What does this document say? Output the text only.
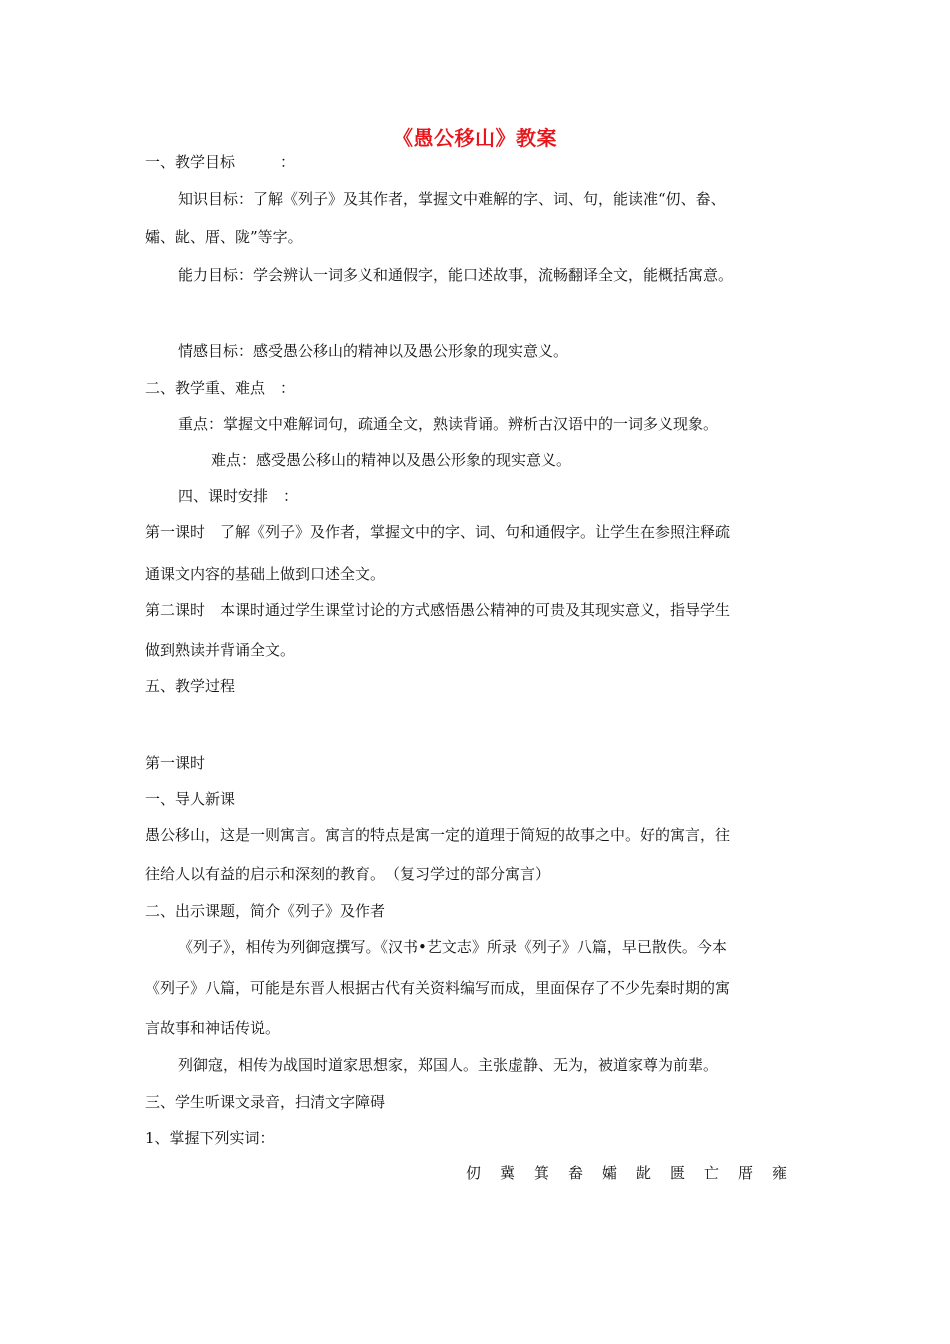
《愚公移山》教案
一、教学目标　　　：
知识目标：了解《列子》及其作者，掌握文中难解的字、词、句，能读准“仞、畚、
孀、龀、厝、陇”等字。
能力目标：学会辨认一词多义和通假字，能口述故事，流畅翻译全文，能概括寓意。
情感目标：感受愚公移山的精神以及愚公形象的现实意义。
二、教学重、难点　：
重点：掌握文中难解词句，疏通全文，熟读背诵。辨析古汉语中的一词多义现象。
难点：感受愚公移山的精神以及愚公形象的现实意义。
四、课时安排　：
第一课时　了解《列子》及作者，掌握文中的字、词、句和通假字。让学生在参照注释疏
通课文内容的基础上做到口述全文。
第二课时　本课时通过学生课堂讨论的方式感悟愚公精神的可贵及其现实意义，指导学生
做到熟读并背诵全文。
五、教学过程
第一课时
一、导人新课
愚公移山，这是一则寓言。寓言的特点是寓一定的道理于简短的故事之中。好的寓言，往
往给人以有益的启示和深刻的教育。　（复习学过的部分寓言）
二、出示课题，简介《列子》及作者
《列子》，相传为列御寇撰写。《汉书•艺文志》所录《列子》八篇，早已散佚。今本
《列子》八篇，可能是东晋人根据古代有关资料编写而成，里面保存了不少先秦时期的寓
言故事和神话传说。
列御寇，相传为战国时道家思想家，郑国人。主张虚静、无为，被道家尊为前辈。
三、学生听课文录音，扫清文字障碍
1、掌握下列实词：
仞 冀 箕 畚 孀 龀 匮 亡 厝 雍
